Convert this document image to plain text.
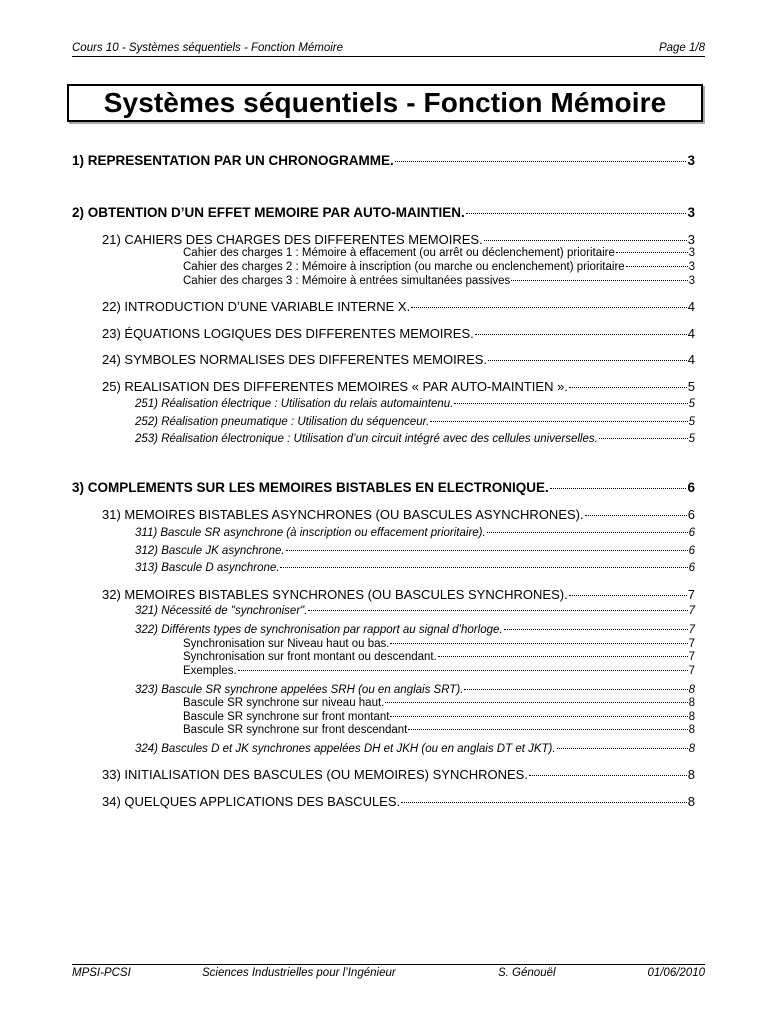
Cours 10 - Systèmes séquentiels - Fonction Mémoire	Page 1/8
Systèmes séquentiels - Fonction Mémoire
1) REPRESENTATION PAR UN CHRONOGRAMME.	3
2) OBTENTION D’UN EFFET MEMOIRE PAR AUTO-MAINTIEN.	3
21) CAHIERS DES CHARGES DES DIFFERENTES MEMOIRES.	3
Cahier des charges 1 : Mémoire à effacement (ou arrêt ou déclenchement) prioritaire	3
Cahier des charges 2 : Mémoire à inscription (ou marche ou enclenchement) prioritaire	3
Cahier des charges 3 : Mémoire à entrées simultanées passives	3
22) INTRODUCTION D’UNE VARIABLE INTERNE X.	4
23) ÉQUATIONS LOGIQUES DES DIFFERENTES MEMOIRES.	4
24) SYMBOLES NORMALISES DES DIFFERENTES MEMOIRES.	4
25) REALISATION DES DIFFERENTES MEMOIRES « PAR AUTO-MAINTIEN ».	5
251) Réalisation électrique : Utilisation du relais automaintenu.	5
252) Réalisation pneumatique : Utilisation du séquenceur.	5
253) Réalisation électronique : Utilisation d’un circuit intégré avec des cellules universelles.	5
3) COMPLEMENTS SUR LES MEMOIRES BISTABLES EN ELECTRONIQUE.	6
31) MEMOIRES BISTABLES ASYNCHRONES (OU BASCULES ASYNCHRONES).	6
311) Bascule SR asynchrone (à inscription ou effacement prioritaire).	6
312) Bascule JK asynchrone.	6
313) Bascule D asynchrone.	6
32) MEMOIRES BISTABLES SYNCHRONES (OU BASCULES SYNCHRONES).	7
321) Nécessité de "synchroniser".	7
322) Différents types de synchronisation par rapport au signal d’horloge.	7
Synchronisation sur Niveau haut ou bas.	7
Synchronisation sur front montant ou descendant.	7
Exemples.	7
323) Bascule SR synchrone appelées SRH (ou en anglais SRT).	8
Bascule SR synchrone sur niveau haut.	8
Bascule SR synchrone sur front montant	8
Bascule SR synchrone sur front descendant	8
324) Bascules D et JK synchrones appelées DH et JKH (ou en anglais DT et JKT).	8
33) INITIALISATION DES BASCULES (OU MEMOIRES) SYNCHRONES.	8
34) QUELQUES APPLICATIONS DES BASCULES.	8
MPSI-PCSI	Sciences Industrielles pour l’Ingénieur	S. Génouël	01/06/2010
